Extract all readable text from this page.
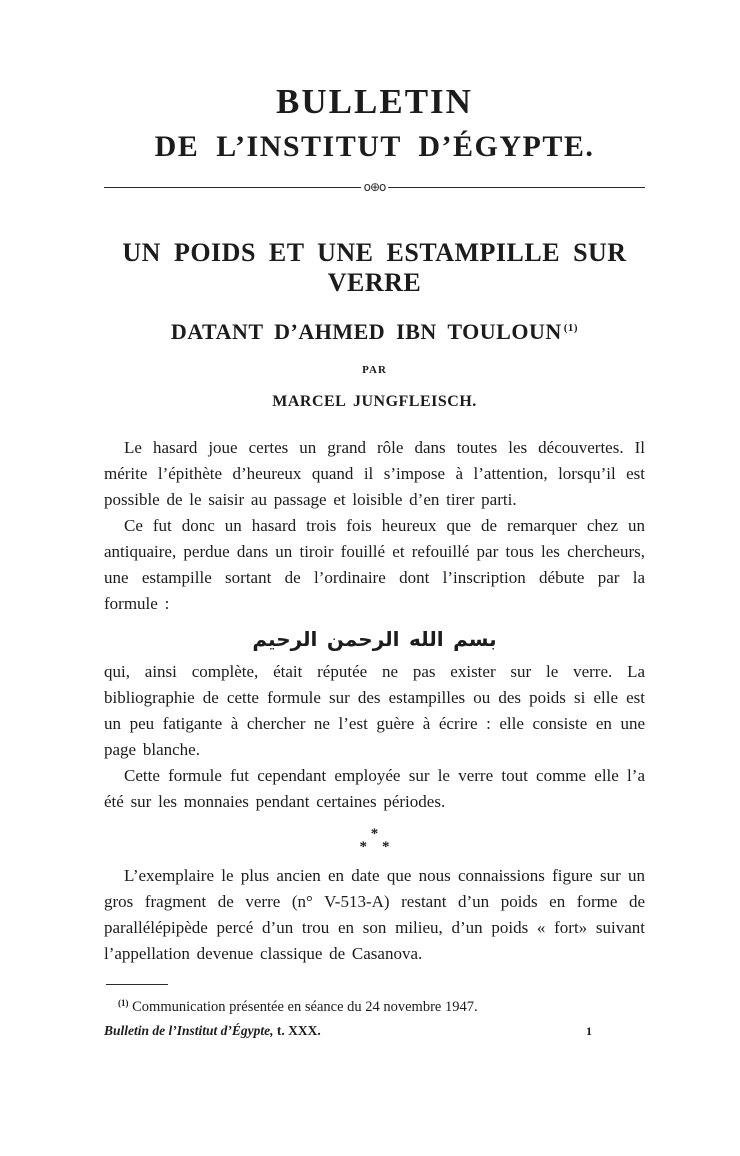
BULLETIN
DE L’INSTITUT D’ÉGYPTE.
o⊕o
UN POIDS ET UNE ESTAMPILLE SUR VERRE
DATANT D’AHMED IBN TOULOUN $^{(1)}$
PAR
MARCEL JUNGFLEISCH.

Le hasard joue certes un grand rôle dans toutes les découvertes. Il mérite l’épithète d’heureux quand il s’impose à l’attention, lorsqu’il est possible de le saisir au passage et loisible d’en tirer parti.

Ce fut donc un hasard trois fois heureux que de remarquer chez un antiquaire, perdue dans un tiroir fouillé et refouillé par tous les chercheurs, une estampille sortant de l’ordinaire dont l’inscription débute par la formule :

بسم الله الرحمن الرحيم

qui, ainsi complète, était réputée ne pas exister sur le verre. La bibliographie de cette formule sur des estampilles ou des poids si elle est un peu fatigante à chercher ne l’est guère à écrire : elle consiste en une page blanche.

Cette formule fut cependant employée sur le verre tout comme elle l’a été sur les monnaies pendant certaines périodes.

*
*  *

L’exemplaire le plus ancien en date que nous connaissions figure sur un gros fragment de verre (n° V-513-A) restant d’un poids en forme de parallélépipède percé d’un trou en son milieu, d’un poids « fort» suivant l’appellation devenue classique de Casanova.

$^{(1)}$ Communication présentée en séance du 24 novembre 1947.

Bulletin de l’Institut d’Égypte, t. XXX.	1
